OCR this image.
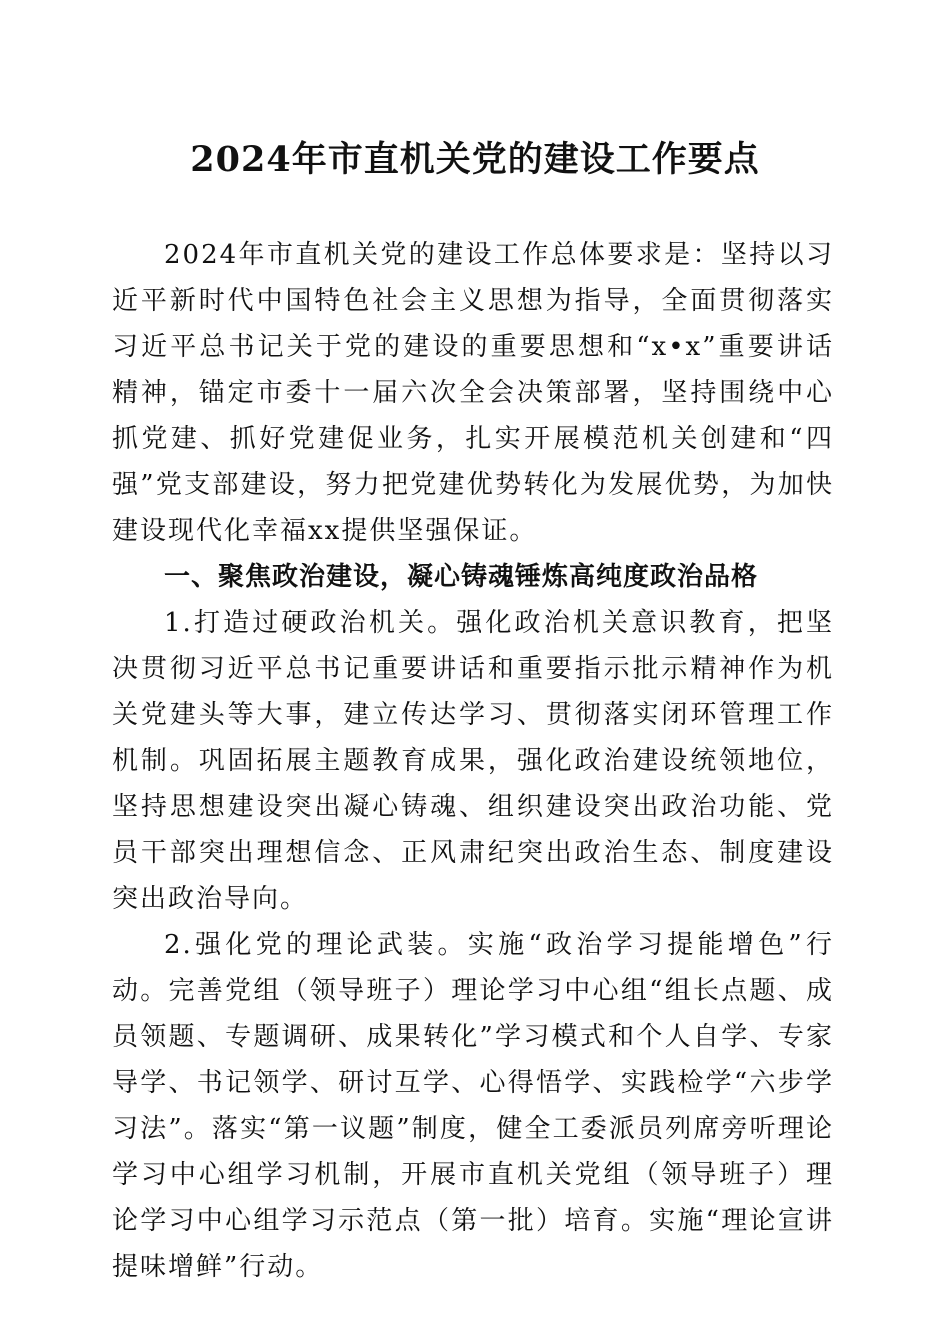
2024年市直机关党的建设工作要点

2024年市直机关党的建设工作总体要求是：坚持以习近平新时代中国特色社会主义思想为指导，全面贯彻落实习近平总书记关于党的建设的重要思想和“x•x”重要讲话精神，锚定市委十一届六次全会决策部署，坚持围绕中心抓党建、抓好党建促业务，扎实开展模范机关创建和“四强”党支部建设，努力把党建优势转化为发展优势，为加快建设现代化幸福xx提供坚强保证。

一、聚焦政治建设，凝心铸魂锤炼高纯度政治品格

1.打造过硬政治机关。强化政治机关意识教育，把坚决贯彻习近平总书记重要讲话和重要指示批示精神作为机关党建头等大事，建立传达学习、贯彻落实闭环管理工作机制。巩固拓展主题教育成果，强化政治建设统领地位，坚持思想建设突出凝心铸魂、组织建设突出政治功能、党员干部突出理想信念、正风肃纪突出政治生态、制度建设突出政治导向。

2.强化党的理论武装。实施“政治学习提能增色”行动。完善党组（领导班子）理论学习中心组“组长点题、成员领题、专题调研、成果转化”学习模式和个人自学、专家导学、书记领学、研讨互学、心得悟学、实践检学“六步学习法”。落实“第一议题”制度，健全工委派员列席旁听理论学习中心组学习机制，开展市直机关党组（领导班子）理论学习中心组学习示范点（第一批）培育。实施“理论宣讲提味增鲜”行动。
